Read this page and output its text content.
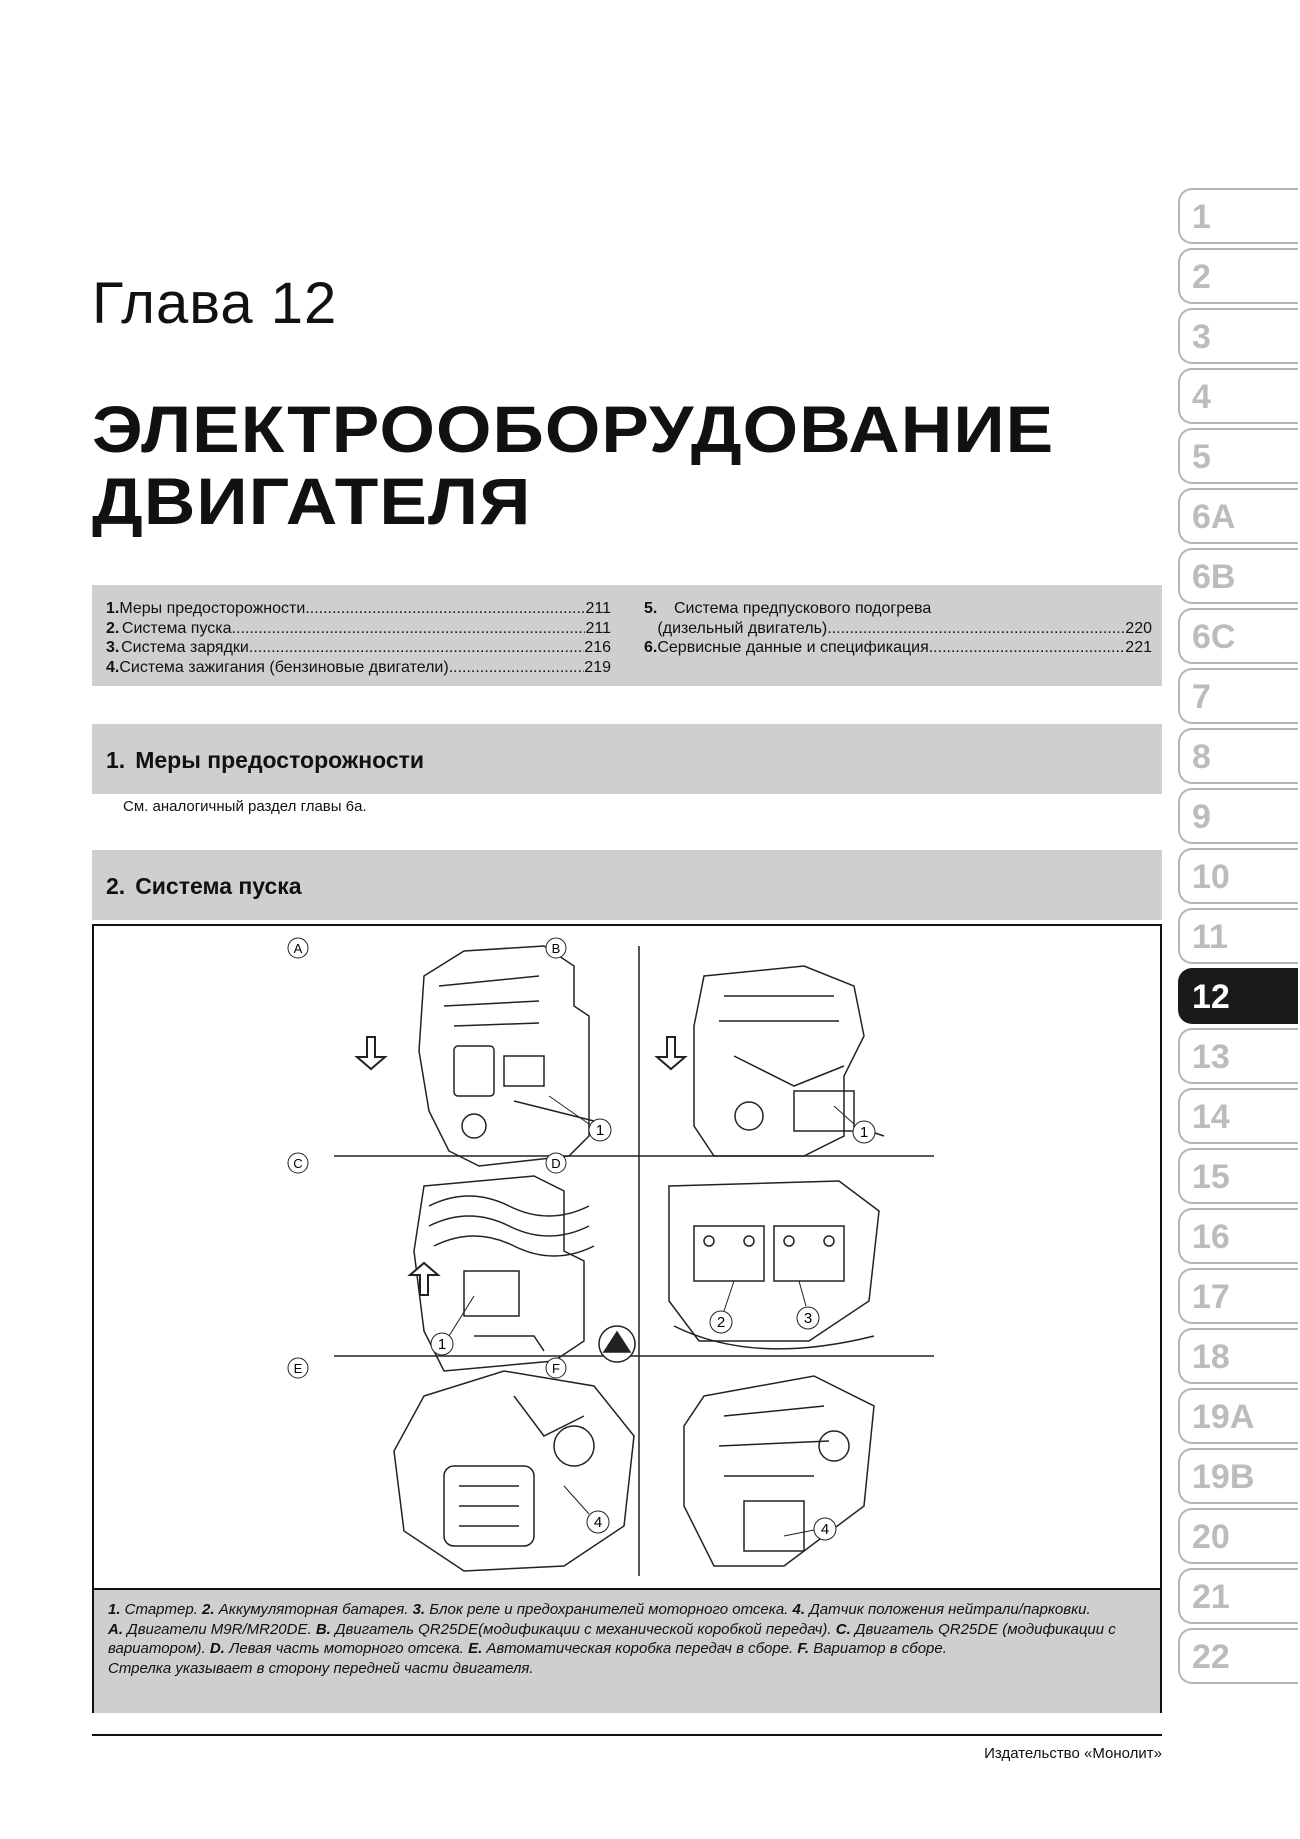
Глава 12
ЭЛЕКТРООБОРУДОВАНИЕ
ДВИГАТЕЛЯ
1. Меры предосторожности .....	211
2. Система пуска .....	211
3. Система зарядки .....	216
4. Система зажигания (бензиновые двигатели) .....	219
5.	Система предпускового подогрева
(дизельный двигатель) .....	220
6. Сервисные данные и спецификация .....	221
1. Меры предосторожности
См. аналогичный раздел главы 6а.
2. Система пуска
A	B
C	D
E	F
1	1
1
2	3
4	4
1. Стартер. 2. Аккумуляторная батарея. 3. Блок реле и предохранителей моторного отсека. 4. Датчик положения нейтрали/парковки.
A. Двигатели M9R/MR20DE. B. Двигатель QR25DE(модификации с механической коробкой передач). C. Двигатель QR25DE (модификации с вариатором). D. Левая часть моторного отсека. E. Автоматическая коробка передач в сборе. F. Вариатор в сборе.
Стрелка указывает в сторону передней части двигателя.
Издательство «Монолит»
1
2
3
4
5
6A
6B
6C
7
8
9
10
11
12
13
14
15
16
17
18
19A
19B
20
21
22
